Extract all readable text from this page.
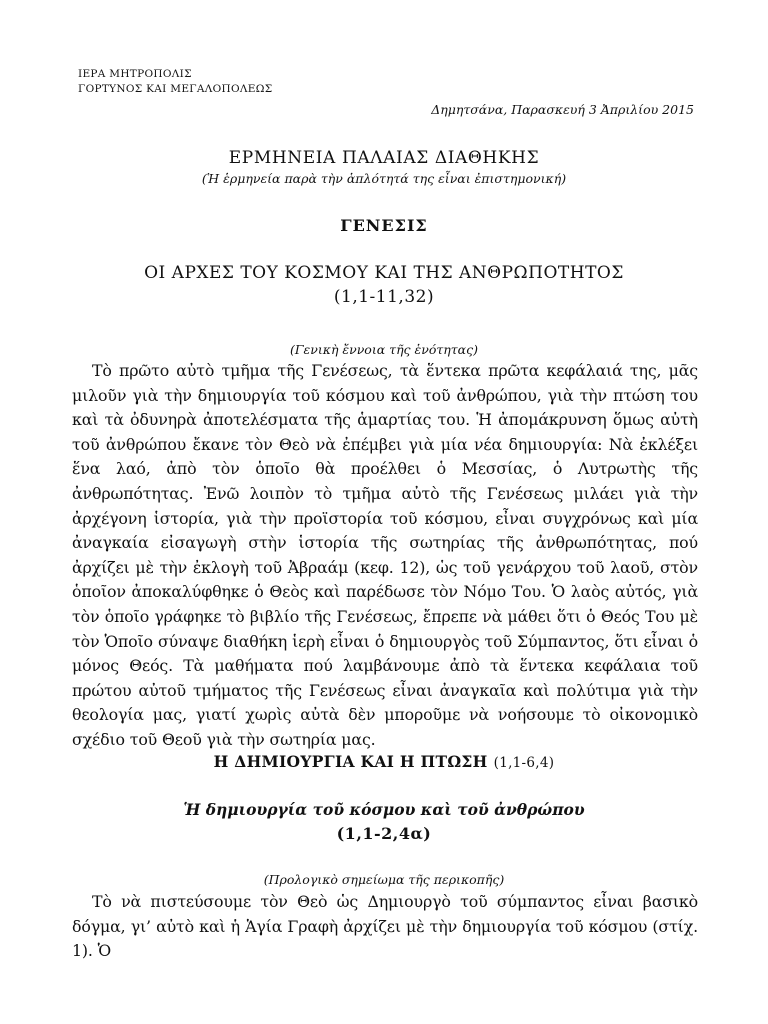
ΙΕΡΑ ΜΗΤΡΟΠΟΛΙΣ
ΓΟΡΤΥΝΟΣ ΚΑΙ ΜΕΓΑΛΟΠΟΛΕΩΣ
Δημητσάνα, Παρασκευή 3 Ἀπριλίου 2015
ΕΡΜΗΝΕΙΑ ΠΑΛΑΙΑΣ ΔΙΑΘΗΚΗΣ
(Ἡ ἑρμηνεία παρὰ τὴν ἁπλότητά της εἶναι ἐπιστημονική)
ΓΕΝΕΣΙΣ
ΟΙ ΑΡΧΕΣ ΤΟΥ ΚΟΣΜΟΥ ΚΑΙ ΤΗΣ ΑΝΘΡΩΠΟΤΗΤΟΣ
(1,1-11,32)
(Γενικὴ ἔννοια τῆς ἑνότητας)
Τὸ πρῶτο αὐτὸ τμῆμα τῆς Γενέσεως, τὰ ἕντεκα πρῶτα κεφάλαιά της, μᾶς μιλοῦν γιὰ τὴν δημιουργία τοῦ κόσμου καὶ τοῦ ἀνθρώπου, γιὰ τὴν πτώση του καὶ τὰ ὀδυνηρὰ ἀποτελέσματα τῆς ἁμαρτίας του. Ἡ ἀπομάκρυνση ὅμως αὐτὴ τοῦ ἀνθρώπου ἔκανε τὸν Θεὸ νὰ ἐπέμβει γιὰ μία νέα δημιουργία: Νὰ ἐκλέξει ἕνα λαό, ἀπὸ τὸν ὁποῖο θὰ προέλθει ὁ Μεσσίας, ὁ Λυτρωτὴς τῆς ἀνθρωπότητας. Ἐνῶ λοιπὸν τὸ τμῆμα αὐτὸ τῆς Γενέσεως μιλάει γιὰ τὴν ἀρχέγονη ἱστορία, γιὰ τὴν προϊστορία τοῦ κόσμου, εἶναι συγχρόνως καὶ μία ἀναγκαία εἰσαγωγὴ στὴν ἱστορία τῆς σωτηρίας τῆς ἀνθρωπότητας, πού ἀρχίζει μὲ τὴν ἐκλογὴ τοῦ Ἀβραάμ (κεφ. 12), ὡς τοῦ γενάρχου τοῦ λαοῦ, στὸν ὁποῖον ἀποκαλύφθηκε ὁ Θεὸς καὶ παρέδωσε τὸν Νόμο Του. Ὁ λαὸς αὐτός, γιὰ τὸν ὁποῖο γράφηκε τὸ βιβλίο τῆς Γενέσεως, ἔπρεπε νὰ μάθει ὅτι ὁ Θεός Του μὲ τὸν Ὁποῖο σύναψε διαθήκη ἱερὴ εἶναι ὁ δημιουργὸς τοῦ Σύμπαντος, ὅτι εἶναι ὁ μόνος Θεός. Τὰ μαθήματα πού λαμβάνουμε ἀπὸ τὰ ἕντεκα κεφάλαια τοῦ πρώτου αὐτοῦ τμήματος τῆς Γενέσεως εἶναι ἀναγκαῖα καὶ πολύτιμα γιὰ τὴν θεολογία μας, γιατί χωρὶς αὐτὰ δὲν μποροῦμε νὰ νοήσουμε τὸ οἰκονομικὸ σχέδιο τοῦ Θεοῦ γιὰ τὴν σωτηρία μας.
Η ΔΗΜΙΟΥΡΓΙΑ ΚΑΙ Η ΠΤΩΣΗ (1,1-6,4)
Ἡ δημιουργία τοῦ κόσμου καὶ τοῦ ἀνθρώπου
(1,1-2,4α)
(Προλογικὸ σημείωμα τῆς περικοπῆς)
Τὸ νὰ πιστεύσουμε τὸν Θεὸ ὡς Δημιουργὸ τοῦ σύμπαντος εἶναι βασικὸ δόγμα, γι’ αὐτὸ καὶ ἡ Ἁγία Γραφὴ ἀρχίζει μὲ τὴν δημιουργία τοῦ κόσμου (στίχ. 1). Ὁ
